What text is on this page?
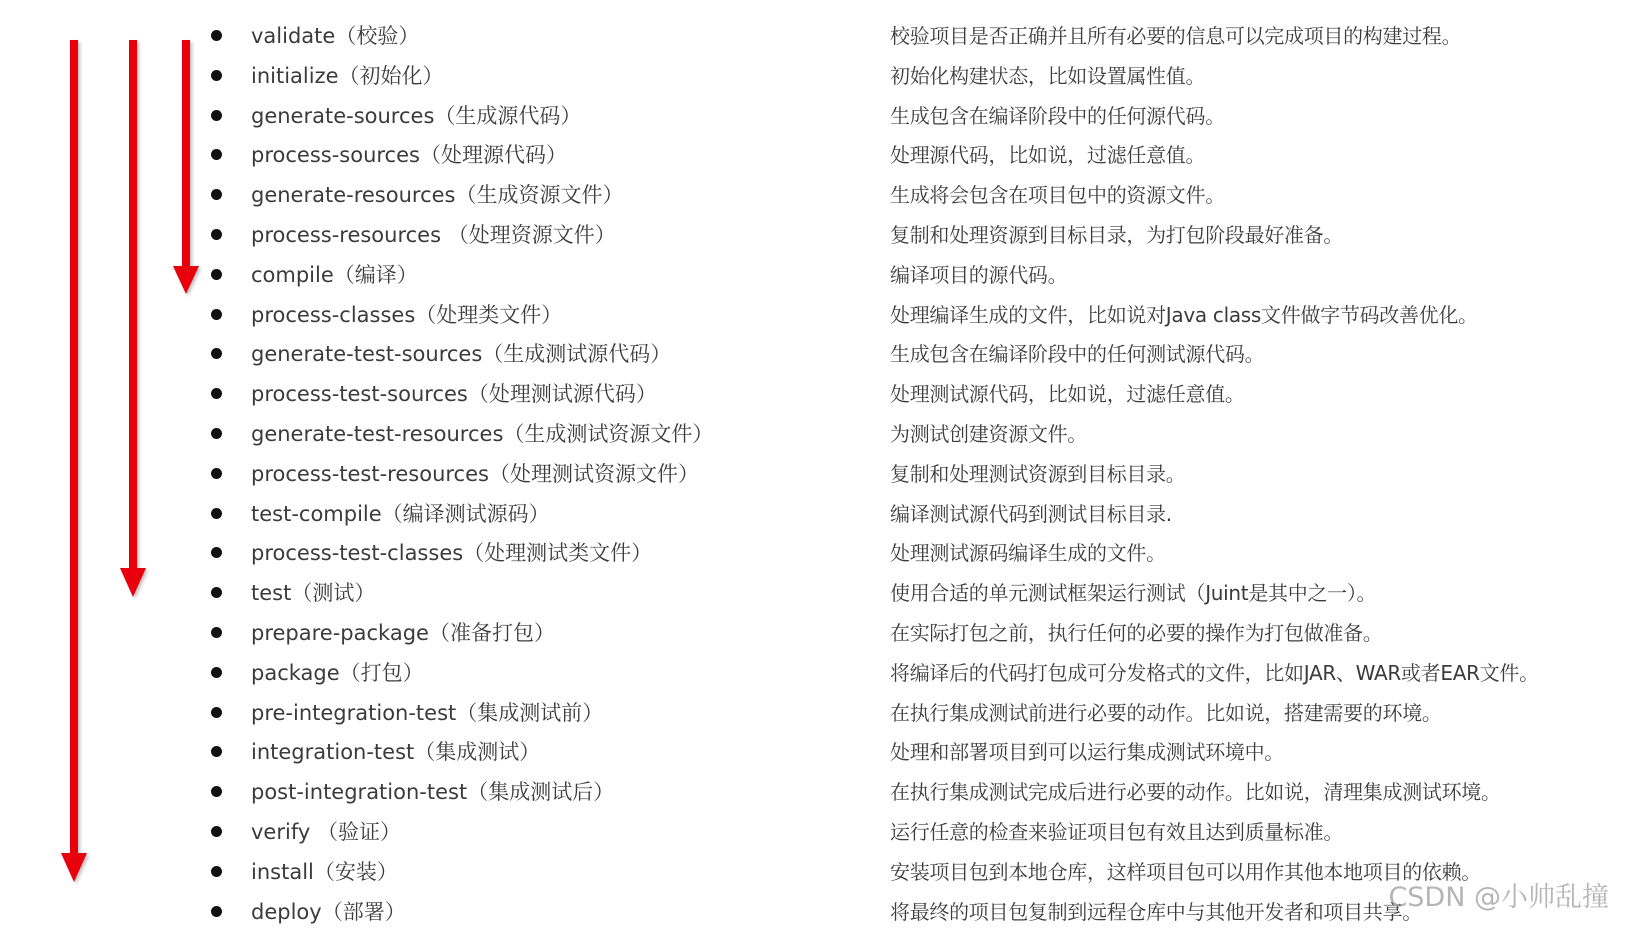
validate（校验）	校验项目是否正确并且所有必要的信息可以完成项目的构建过程。
initialize（初始化）	初始化构建状态，比如设置属性值。
generate-sources（生成源代码）	生成包含在编译阶段中的任何源代码。
process-sources（处理源代码）	处理源代码，比如说，过滤任意值。
generate-resources（生成资源文件）	生成将会包含在项目包中的资源文件。
process-resources （处理资源文件）	复制和处理资源到目标目录，为打包阶段最好准备。
compile（编译）	编译项目的源代码。
process-classes（处理类文件）	处理编译生成的文件，比如说对Java class文件做字节码改善优化。
generate-test-sources（生成测试源代码）	生成包含在编译阶段中的任何测试源代码。
process-test-sources（处理测试源代码）	处理测试源代码，比如说，过滤任意值。
generate-test-resources（生成测试资源文件）	为测试创建资源文件。
process-test-resources（处理测试资源文件）	复制和处理测试资源到目标目录。
test-compile（编译测试源码）	编译测试源代码到测试目标目录.
process-test-classes（处理测试类文件）	处理测试源码编译生成的文件。
test（测试）	使用合适的单元测试框架运行测试（Juint是其中之一）。
prepare-package（准备打包）	在实际打包之前，执行任何的必要的操作为打包做准备。
package（打包）	将编译后的代码打包成可分发格式的文件，比如JAR、WAR或者EAR文件。
pre-integration-test（集成测试前）	在执行集成测试前进行必要的动作。比如说，搭建需要的环境。
integration-test（集成测试）	处理和部署项目到可以运行集成测试环境中。
post-integration-test（集成测试后）	在执行集成测试完成后进行必要的动作。比如说，清理集成测试环境。
verify （验证）	运行任意的检查来验证项目包有效且达到质量标准。
install（安装）	安装项目包到本地仓库，这样项目包可以用作其他本地项目的依赖。
deploy（部署）	将最终的项目包复制到远程仓库中与其他开发者和项目共享。
CSDN @小帅乱撞
